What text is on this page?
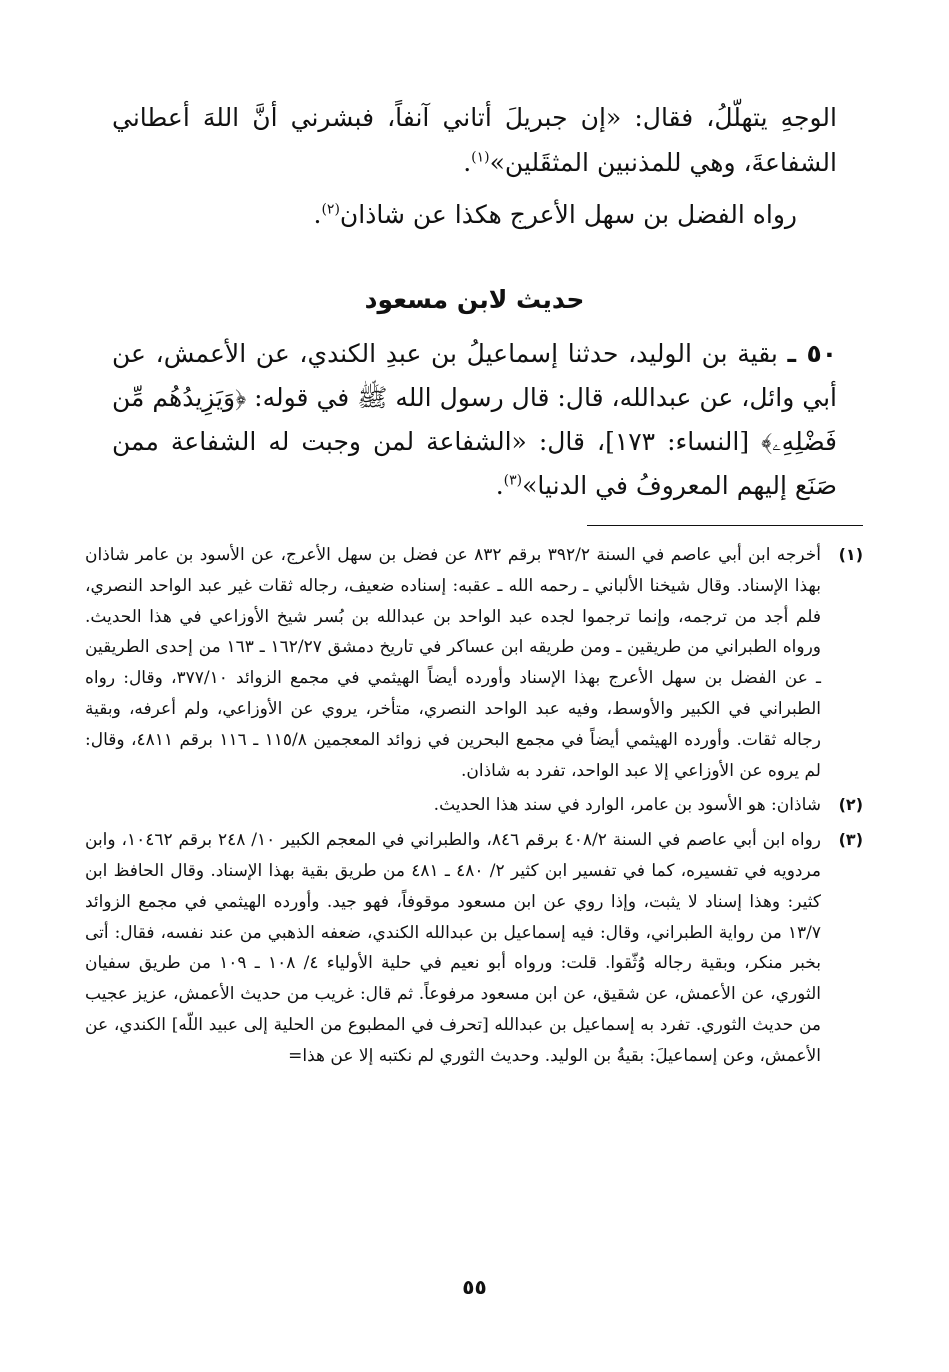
الوجهِ يتهلّلُ، فقال: «إن جبريلَ أتاني آنفاً، فبشرني أنَّ اللهَ أعطاني الشفاعةَ، وهي للمذنبين المثقَلين»$^{(١)}$.
رواه الفضل بن سهل الأعرج هكذا عن شاذان$^{(٢)}$.
حديث لابن مسعود
٥٠ ـ بقية بن الوليد، حدثنا إسماعيلُ بن عبدِ الكندي، عن الأعمش، عن أبي وائل، عن عبدالله، قال: قال رسول الله ﷺ في قوله: ﴿وَيَزِيدُهُم مِّن فَضْلِهِۦ﴾ [النساء: ١٧٣]، قال: «الشفاعة لمن وجبت له الشفاعة ممن صَنَع إليهم المعروفُ في الدنيا»$^{(٣)}$.
(١)
أخرجه ابن أبي عاصم في السنة ٣٩٢/٢ برقم ٨٣٢ عن فضل بن سهل الأعرج، عن الأسود بن عامر شاذان بهذا الإسناد. وقال شيخنا الألباني ـ رحمه الله ـ عقبه: إسناده ضعيف، رجاله ثقات غير عبد الواحد النصري، فلم أجد من ترجمه، وإنما ترجموا لجده عبد الواحد بن عبدالله بن بُسر شيخ الأوزاعي في هذا الحديث. ورواه الطبراني من طريقين ـ ومن طريقه ابن عساكر في تاريخ دمشق ١٦٢/٢٧ ـ ١٦٣ من إحدى الطريقين ـ عن الفضل بن سهل الأعرج بهذا الإسناد وأورده أيضاً الهيثمي في مجمع الزوائد ٣٧٧/١٠، وقال: رواه الطبراني في الكبير والأوسط، وفيه عبد الواحد النصري، متأخر، يروي عن الأوزاعي، ولم أعرفه، وبقية رجاله ثقات. وأورده الهيثمي أيضاً في مجمع البحرين في زوائد المعجمين ١١٥/٨ ـ ١١٦ برقم ٤٨١١، وقال: لم يروه عن الأوزاعي إلا عبد الواحد، تفرد به شاذان.
(٢)
شاذان: هو الأسود بن عامر، الوارد في سند هذا الحديث.
(٣)
رواه ابن أبي عاصم في السنة ٤٠٨/٢ برقم ٨٤٦، والطبراني في المعجم الكبير ١٠/ ٢٤٨ برقم ١٠٤٦٢، وابن مردويه في تفسيره، كما في تفسير ابن كثير ٢/ ٤٨٠ ـ ٤٨١ من طريق بقية بهذا الإسناد. وقال الحافظ ابن كثير: وهذا إسناد لا يثبت، وإذا روي عن ابن مسعود موقوفاً، فهو جيد. وأورده الهيثمي في مجمع الزوائد ١٣/٧ من رواية الطبراني، وقال: فيه إسماعيل بن عبدالله الكندي، ضعفه الذهبي من عند نفسه، فقال: أتى بخبر منكر، وبقية رجاله وُثّقوا. قلت: ورواه أبو نعيم في حلية الأولياء ٤/ ١٠٨ ـ ١٠٩ من طريق سفيان الثوري، عن الأعمش، عن شقيق، عن ابن مسعود مرفوعاً. ثم قال: غريب من حديث الأعمش، عزيز عجيب من حديث الثوري. تفرد به إسماعيل بن عبدالله [تحرف في المطبوع من الحلية إلى عبيد اللّه] الكندي، عن الأعمش، وعن إسماعيلَ: بقيةُ بن الوليد. وحديث الثوري لم نكتبه إلا عن هذا=
٥٥
